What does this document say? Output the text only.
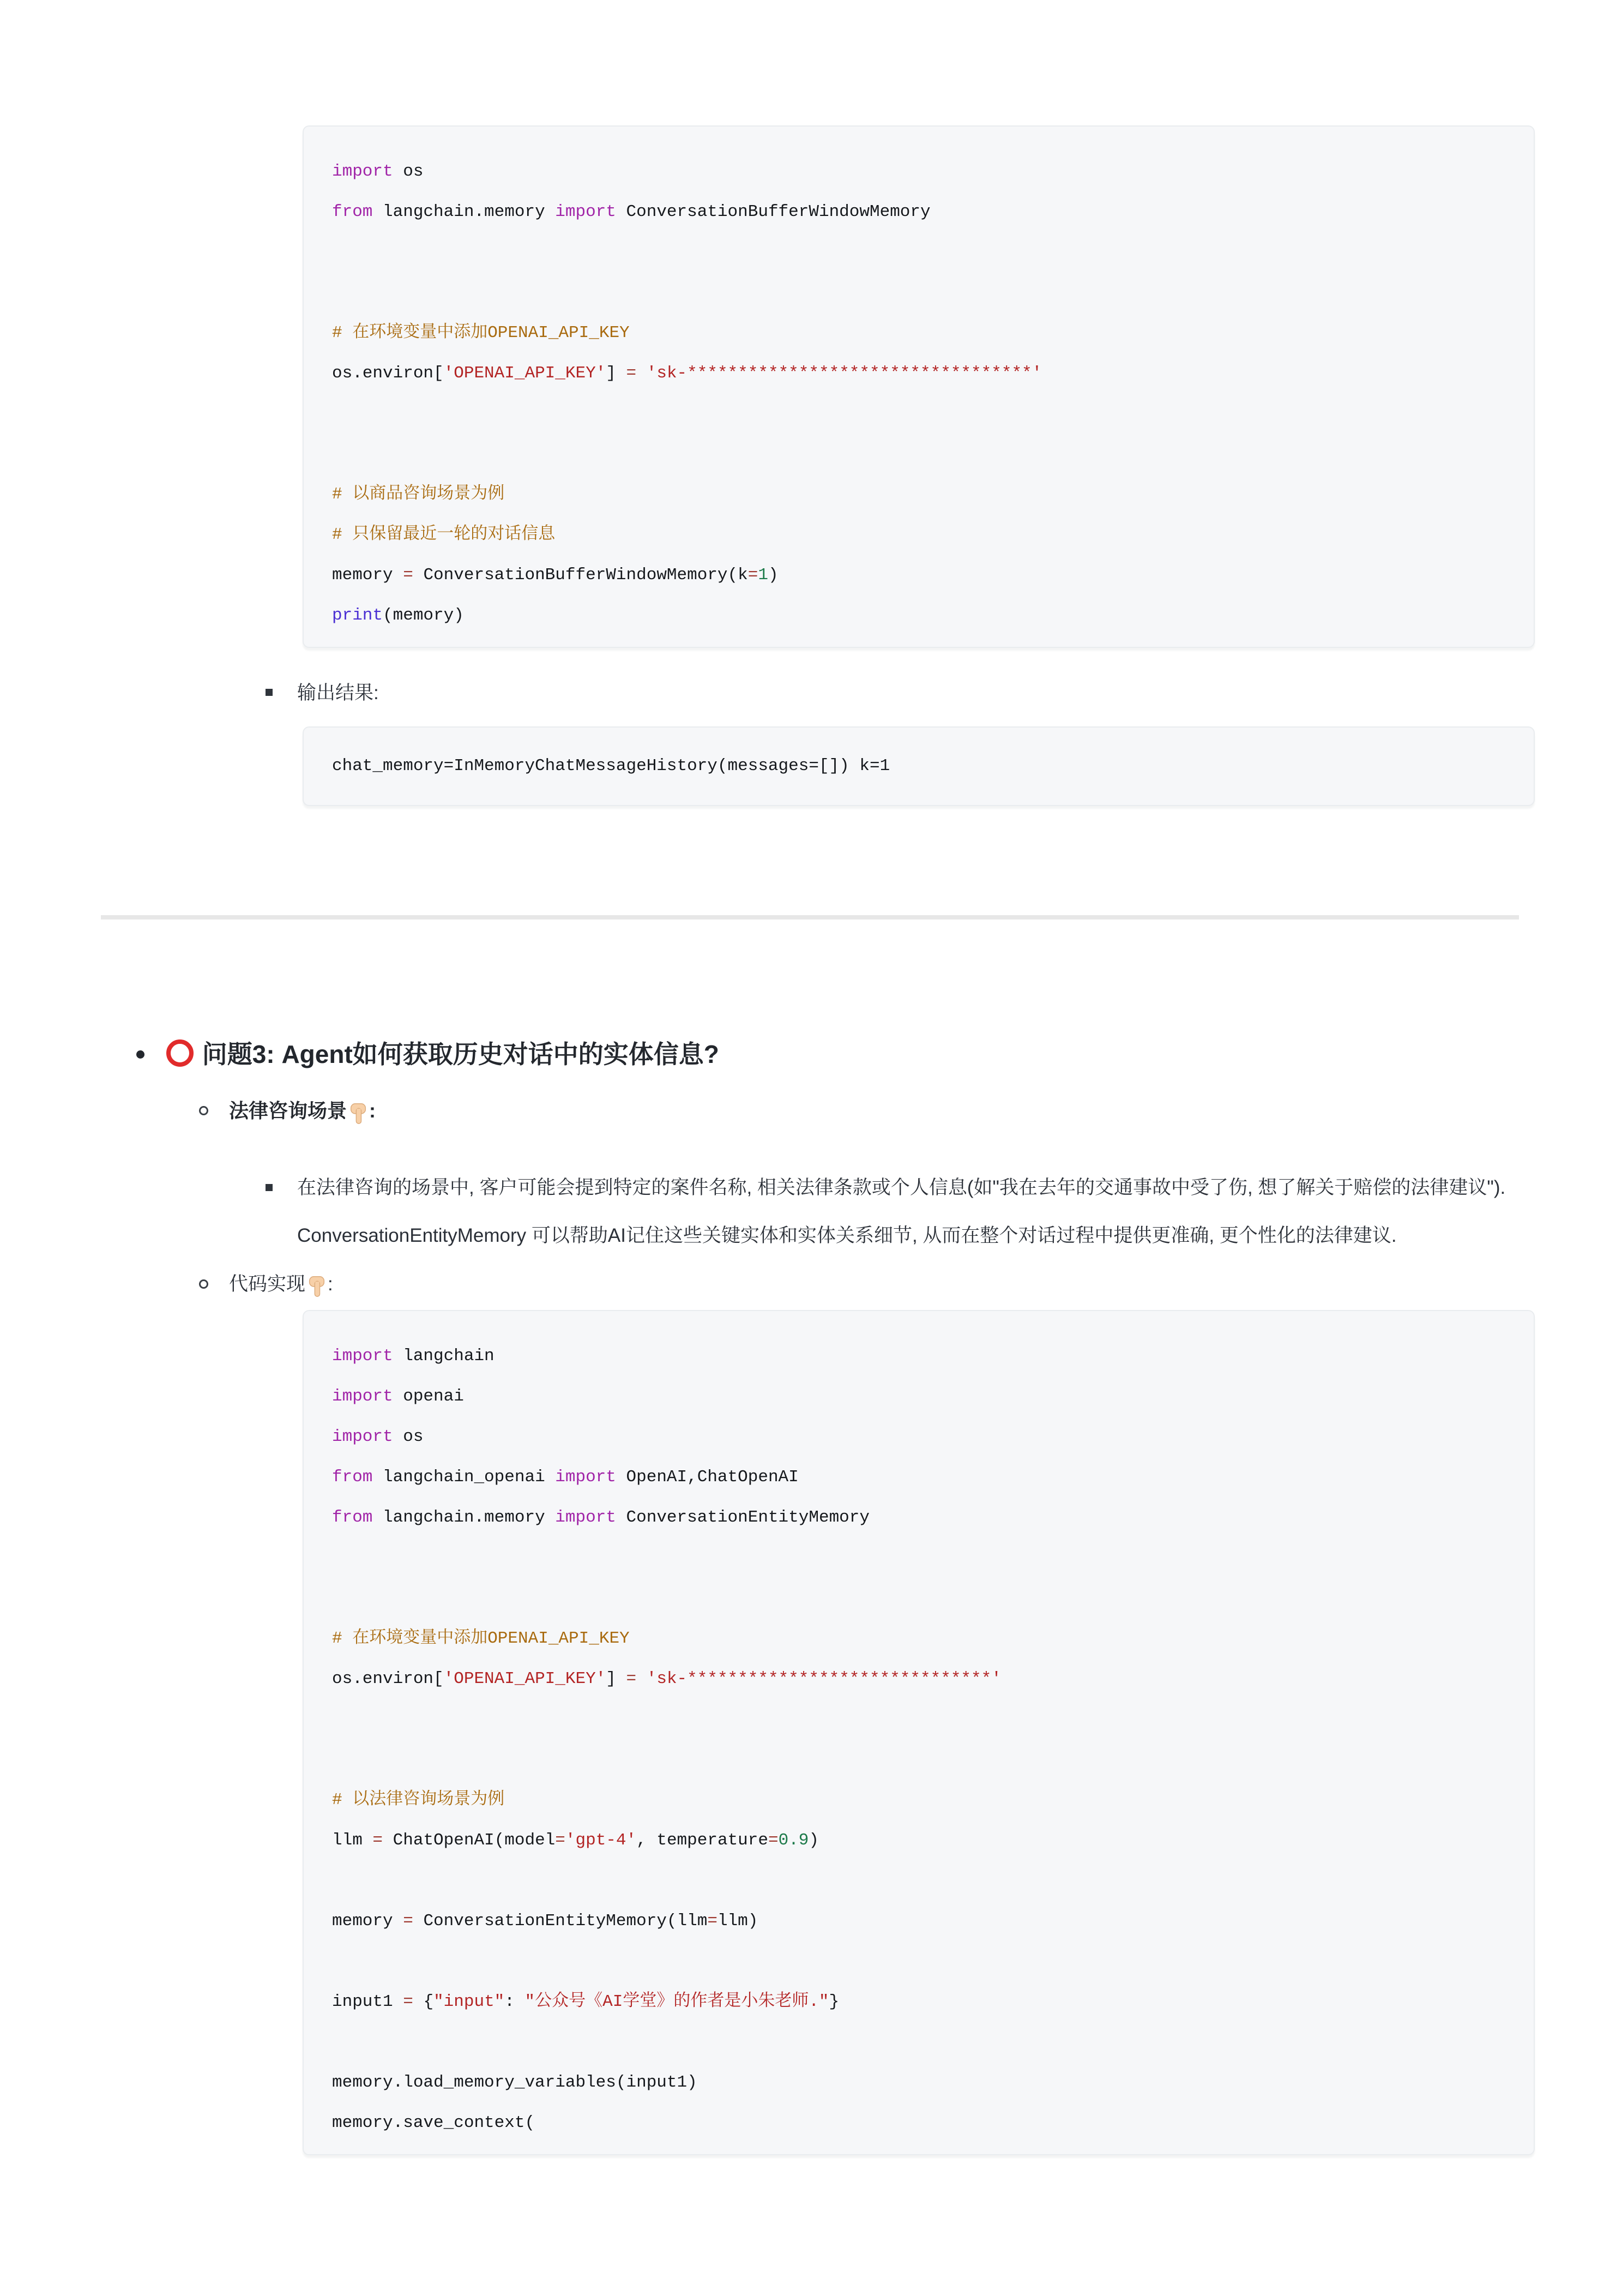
import os
from langchain.memory import ConversationBufferWindowMemory

# 在环境变量中添加OPENAI_API_KEY
os.environ['OPENAI_API_KEY'] = 'sk-**********************************'

# 以商品咨询场景为例
# 只保留最近一轮的对话信息
memory = ConversationBufferWindowMemory(k=1)
print(memory)
输出结果:
chat_memory=InMemoryChatMessageHistory(messages=[]) k=1
问题3: Agent如何获取历史对话中的实体信息?
法律咨询场景 :
在法律咨询的场景中, 客户可能会提到特定的案件名称, 相关法律条款或个人信息(如"我在去年的交通事故中受了伤, 想了解关于赔偿的法律建议"). ConversationEntityMemory 可以帮助AI记住这些关键实体和实体关系细节, 从而在整个对话过程中提供更准确, 更个性化的法律建议.
代码实现 :
import langchain
import openai
import os
from langchain_openai import OpenAI,ChatOpenAI
from langchain.memory import ConversationEntityMemory

# 在环境变量中添加OPENAI_API_KEY
os.environ['OPENAI_API_KEY'] = 'sk-******************************'

# 以法律咨询场景为例
llm = ChatOpenAI(model='gpt-4', temperature=0.9)

memory = ConversationEntityMemory(llm=llm)

input1 = {"input": "公众号《AI学堂》的作者是小朱老师."}

memory.load_memory_variables(input1)
memory.save_context(
